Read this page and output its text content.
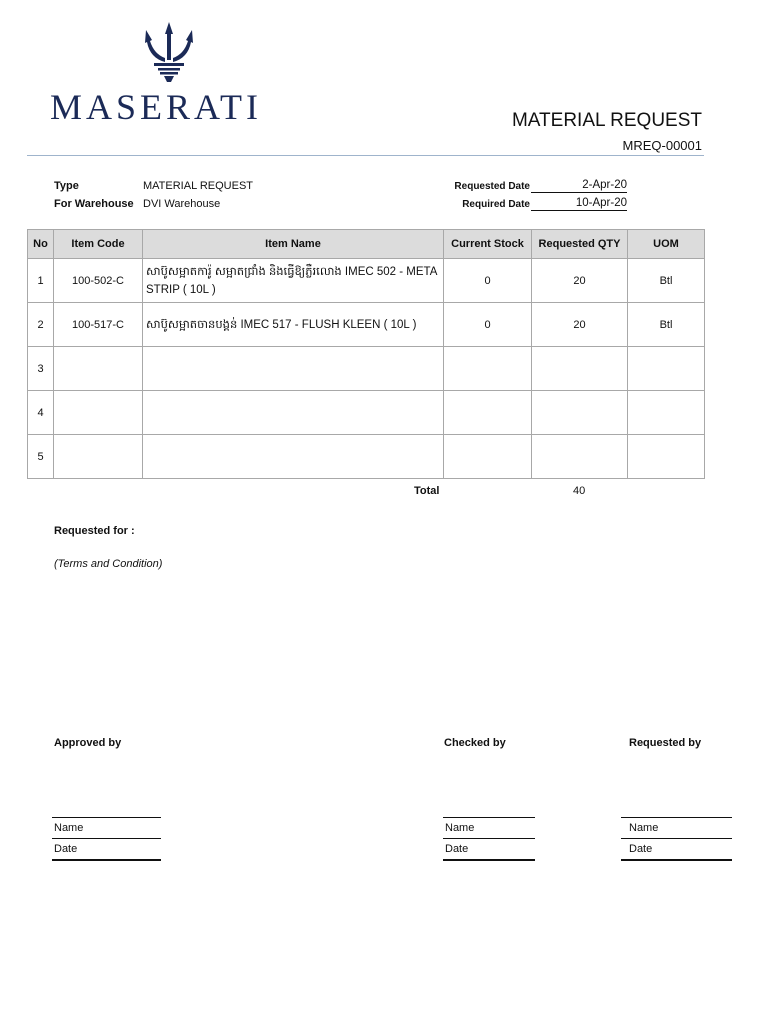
MASERATI	MATERIAL REQUEST
MREQ-00001
Type	MATERIAL REQUEST
For Warehouse DVI Warehouse
Requested Date	2-Apr-20
Required Date	10-Apr-20
No	Item Code	Item Name	Current Stock	Requested QTY	UOM
1	100-502-C	សាប៊ូសម្អាតការ៉ូ សម្អាតជ្រាំង និងធ្វើឱ្យភ្លឺរលោង IMEC 502 - META STRIP ( 10L )	0	20	Btl
2	100-517-C	សាប៊ូសម្អាតចានបង្គន់ IMEC 517 - FLUSH KLEEN ( 10L )	0	20	Btl
3					
4					
5					
Total	40
Requested for :
(Terms and Condition)
Approved by	Checked by	Requested by
Name
Date
Name
Date
Name
Date
